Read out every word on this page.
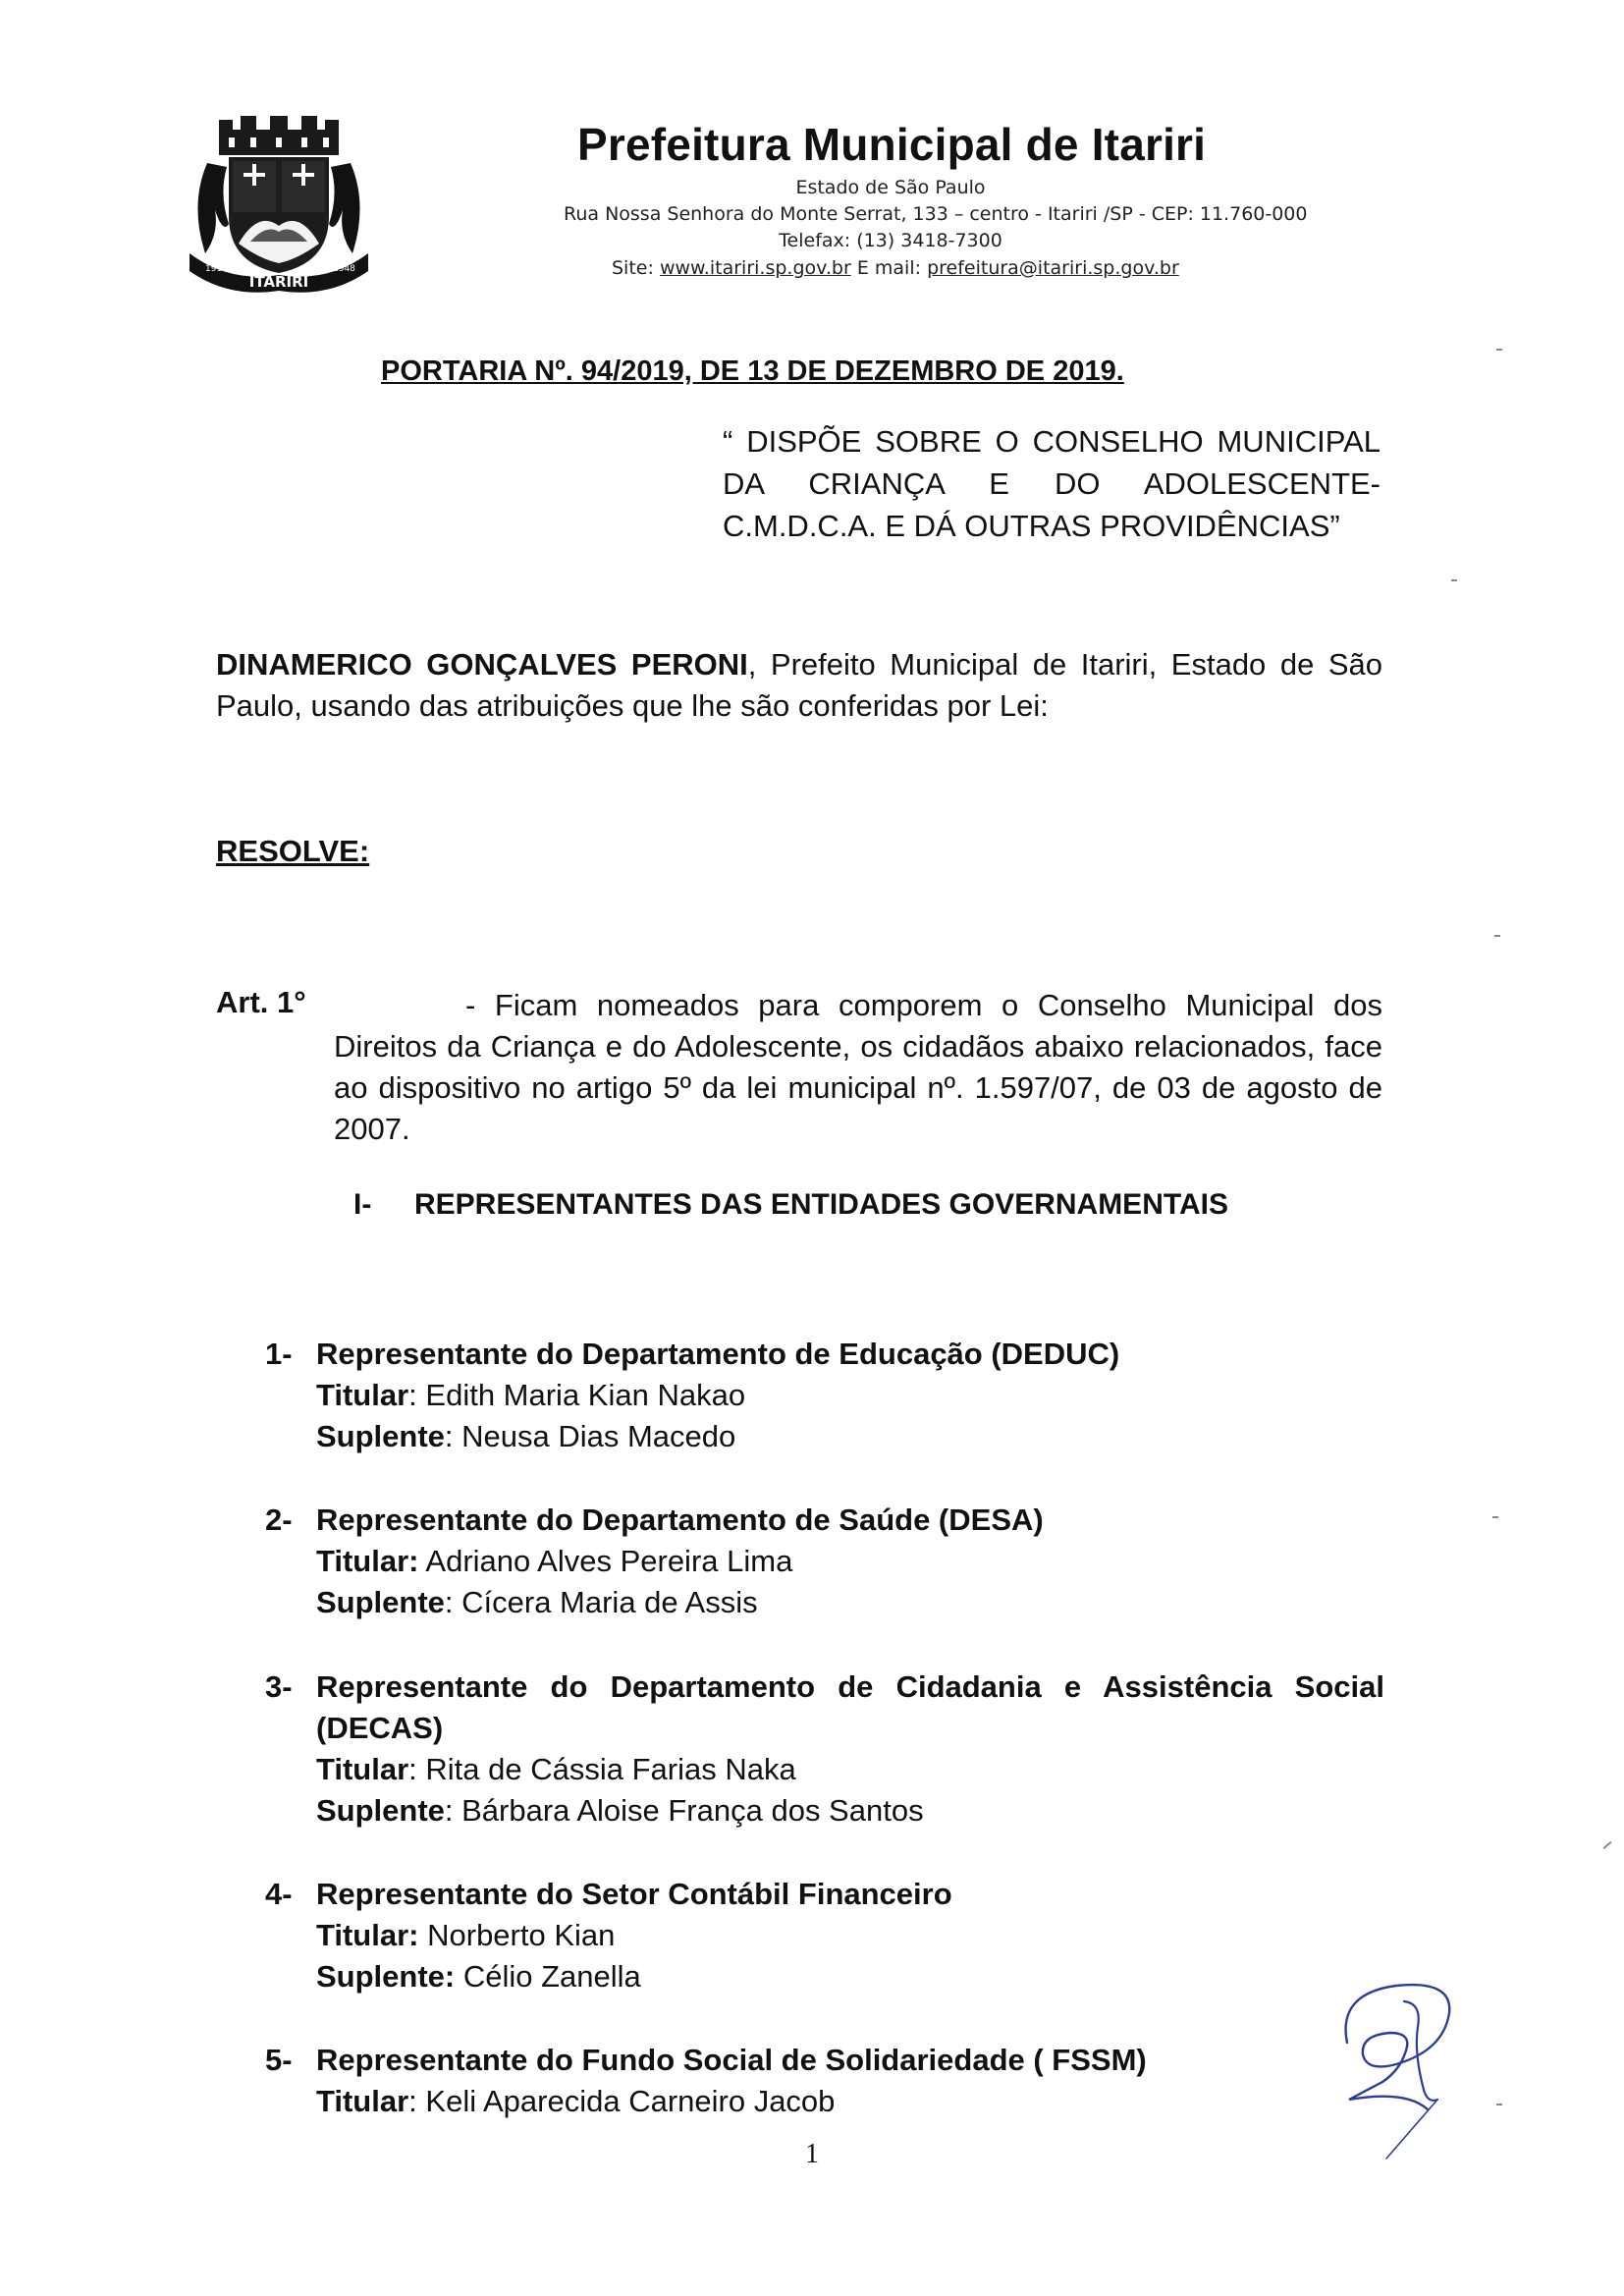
ITARIRI
1912	1948
Prefeitura Municipal de Itariri
Estado de São Paulo
Rua Nossa Senhora do Monte Serrat, 133 – centro - Itariri /SP - CEP: 11.760-000
Telefax: (13) 3418-7300
Site: www.itariri.sp.gov.br E mail: prefeitura@itariri.sp.gov.br
PORTARIA Nº. 94/2019, DE 13 DE DEZEMBRO DE 2019.
“ DISPÕE SOBRE O CONSELHO MUNICIPAL DA CRIANÇA E DO ADOLESCENTE- C.M.D.C.A. E DÁ OUTRAS PROVIDÊNCIAS”
DINAMERICO GONÇALVES PERONI, Prefeito Municipal de Itariri, Estado de São Paulo, usando das atribuições que lhe são conferidas por Lei:
RESOLVE:
Art. 1°	- Ficam nomeados para comporem o Conselho Municipal dos Direitos da Criança e do Adolescente, os cidadãos abaixo relacionados, face ao dispositivo no artigo 5º da lei municipal nº. 1.597/07, de 03 de agosto de 2007.
I- REPRESENTANTES DAS ENTIDADES GOVERNAMENTAIS
1- Representante do Departamento de Educação (DEDUC)
Titular: Edith Maria Kian Nakao
Suplente: Neusa Dias Macedo
2- Representante do Departamento de Saúde (DESA)
Titular: Adriano Alves Pereira Lima
Suplente: Cícera Maria de Assis
3- Representante do Departamento de Cidadania e Assistência Social (DECAS)
Titular: Rita de Cássia Farias Naka
Suplente: Bárbara Aloise França dos Santos
4- Representante do Setor Contábil Financeiro
Titular: Norberto Kian
Suplente: Célio Zanella
5- Representante do Fundo Social de Solidariedade ( FSSM)
Titular: Keli Aparecida Carneiro Jacob
1
